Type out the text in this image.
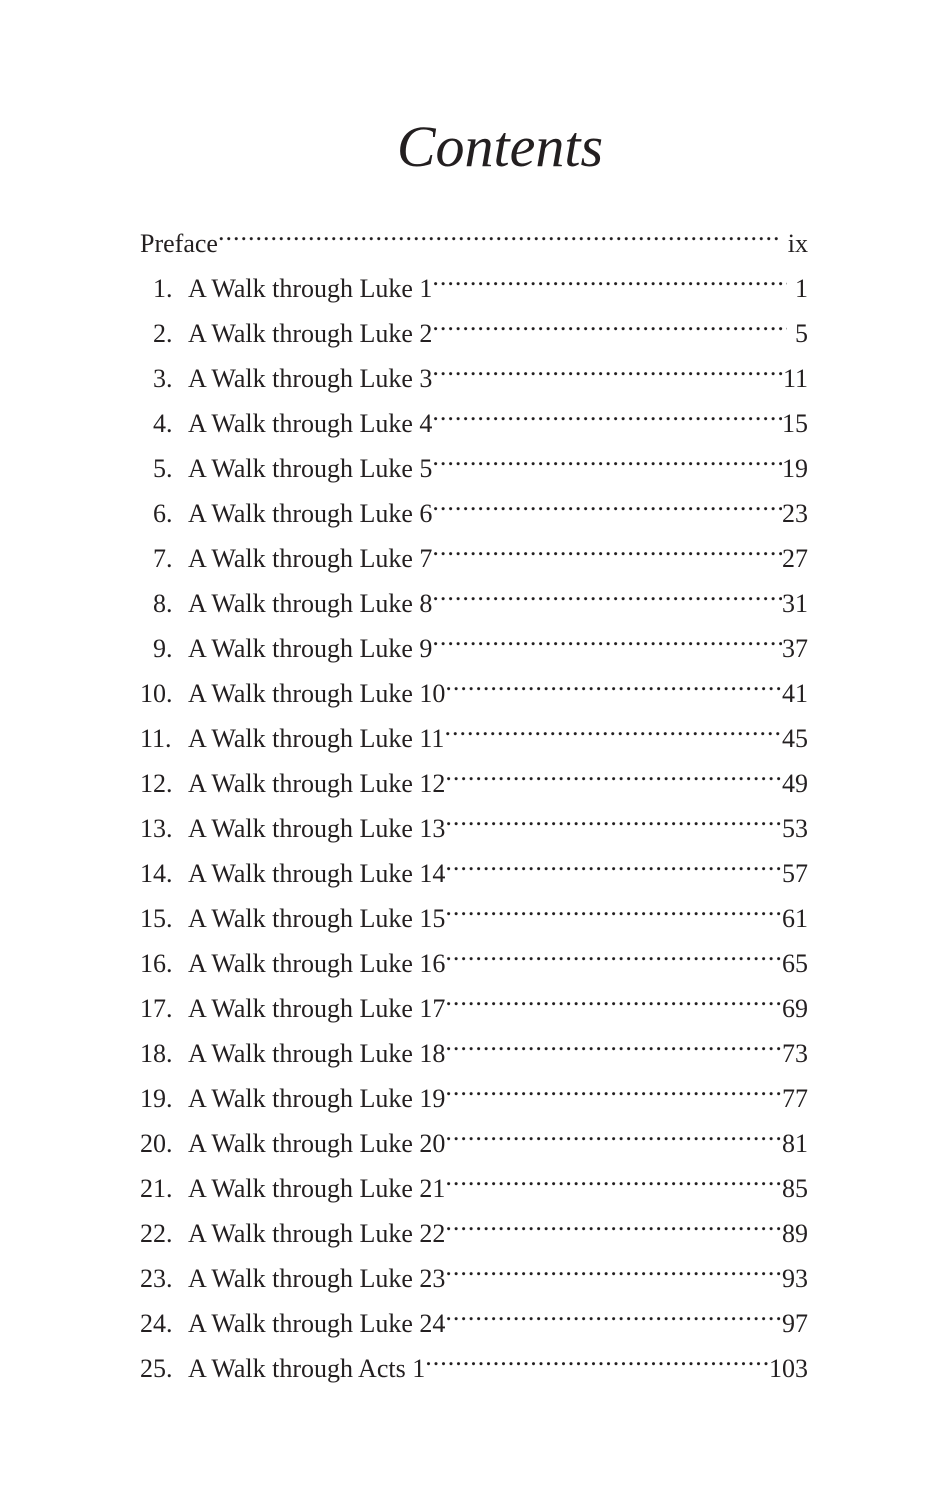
Contents
Preface .....	ix
1. A Walk through Luke 1 .....	1
2. A Walk through Luke 2 .....	5
3. A Walk through Luke 3 .....	11
4. A Walk through Luke 4 .....	15
5. A Walk through Luke 5 .....	19
6. A Walk through Luke 6 .....	23
7. A Walk through Luke 7 .....	27
8. A Walk through Luke 8 .....	31
9. A Walk through Luke 9 .....	37
10. A Walk through Luke 10 .....	41
11. A Walk through Luke 11 .....	45
12. A Walk through Luke 12 .....	49
13. A Walk through Luke 13 .....	53
14. A Walk through Luke 14 .....	57
15. A Walk through Luke 15 .....	61
16. A Walk through Luke 16 .....	65
17. A Walk through Luke 17 .....	69
18. A Walk through Luke 18 .....	73
19. A Walk through Luke 19 .....	77
20. A Walk through Luke 20 .....	81
21. A Walk through Luke 21 .....	85
22. A Walk through Luke 22 .....	89
23. A Walk through Luke 23 .....	93
24. A Walk through Luke 24 .....	97
25. A Walk through Acts 1 .....	103
